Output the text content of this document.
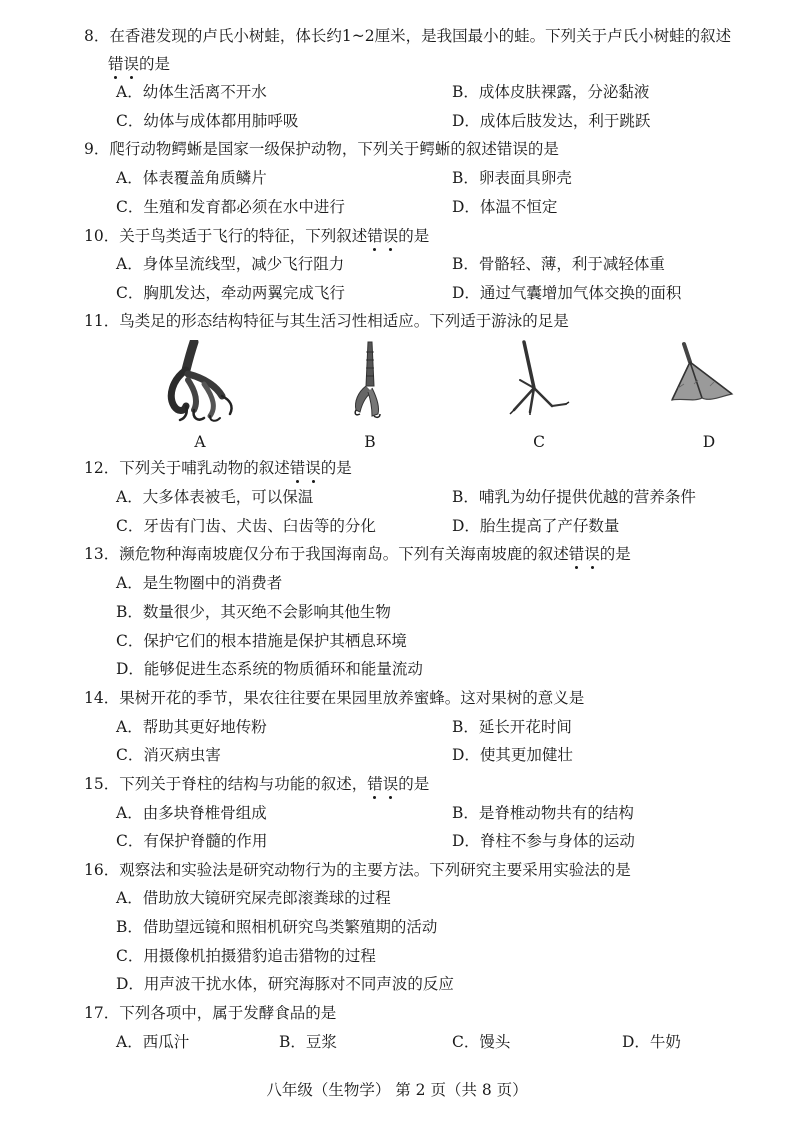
8．在香港发现的卢氏小树蛙，体长约1~2厘米，是我国最小的蛙。下列关于卢氏小树蛙的叙述
错误的是
A．幼体生活离不开水	B．成体皮肤裸露，分泌黏液
C．幼体与成体都用肺呼吸	D．成体后肢发达，利于跳跃
9．爬行动物鳄蜥是国家一级保护动物，下列关于鳄蜥的叙述错误的是
A．体表覆盖角质鳞片	B．卵表面具卵壳
C．生殖和发育都必须在水中进行	D．体温不恒定
10．关于鸟类适于飞行的特征，下列叙述错误的是
A．身体呈流线型，减少飞行阻力	B．骨骼轻、薄，利于减轻体重
C．胸肌发达，牵动两翼完成飞行	D．通过气囊增加气体交换的面积
11．鸟类足的形态结构特征与其生活习性相适应。下列适于游泳的足是
A	B	C	D
12．下列关于哺乳动物的叙述错误的是
A．大多体表被毛，可以保温	B．哺乳为幼仔提供优越的营养条件
C．牙齿有门齿、犬齿、臼齿等的分化	D．胎生提高了产仔数量
13．濒危物种海南坡鹿仅分布于我国海南岛。下列有关海南坡鹿的叙述错误的是
A．是生物圈中的消费者
B．数量很少，其灭绝不会影响其他生物
C．保护它们的根本措施是保护其栖息环境
D．能够促进生态系统的物质循环和能量流动
14．果树开花的季节，果农往往要在果园里放养蜜蜂。这对果树的意义是
A．帮助其更好地传粉	B．延长开花时间
C．消灭病虫害	D．使其更加健壮
15．下列关于脊柱的结构与功能的叙述，错误的是
A．由多块脊椎骨组成	B．是脊椎动物共有的结构
C．有保护脊髓的作用	D．脊柱不参与身体的运动
16．观察法和实验法是研究动物行为的主要方法。下列研究主要采用实验法的是
A．借助放大镜研究屎壳郎滚粪球的过程
B．借助望远镜和照相机研究鸟类繁殖期的活动
C．用摄像机拍摄猎豹追击猎物的过程
D．用声波干扰水体，研究海豚对不同声波的反应
17．下列各项中，属于发酵食品的是
A．西瓜汁	B．豆浆	C．馒头	D．牛奶
八年级（生物学） 第 2 页（共 8 页）
